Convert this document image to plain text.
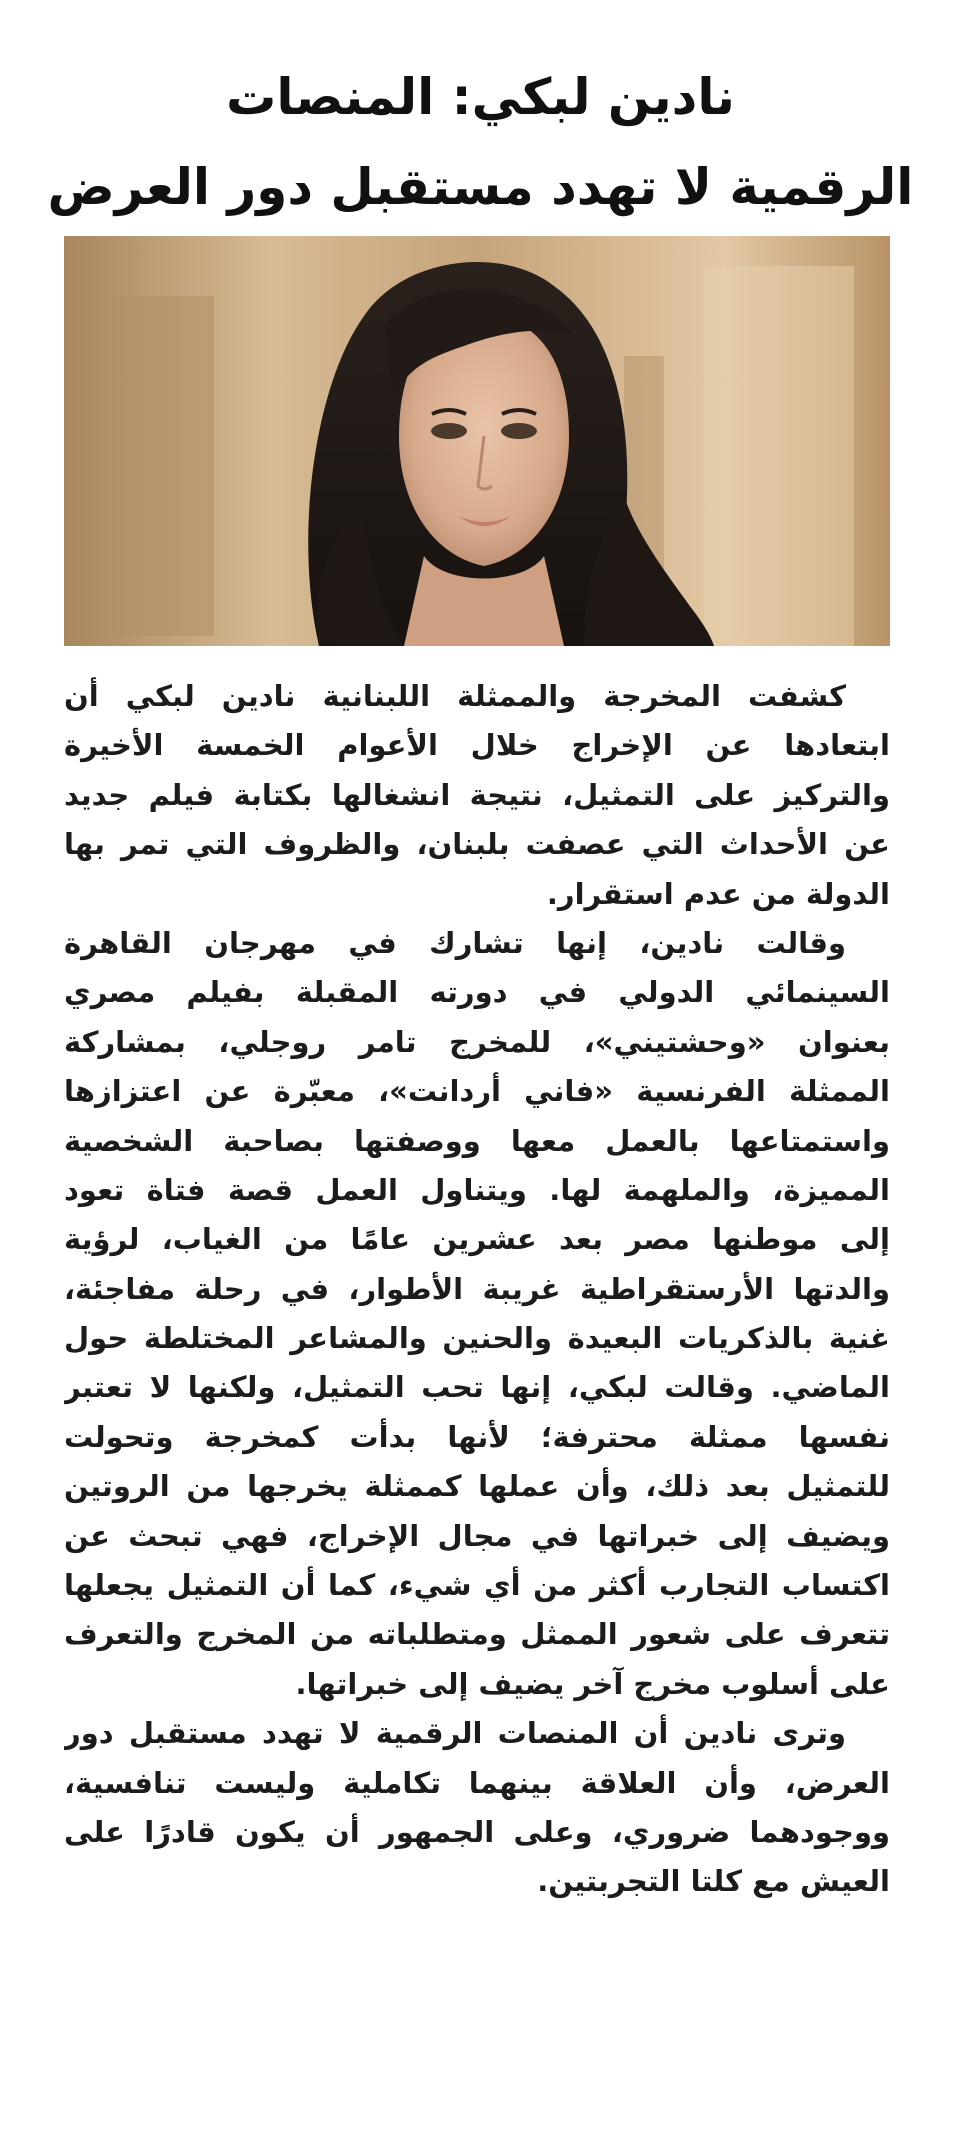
نادين لبكي: المنصات
الرقمية لا تهدد مستقبل دور العرض
كشفت المخرجة والممثلة اللبنانية نادين لبكي أن
ابتعادها عن الإخراج خلال الأعوام الخمسة الأخيرة
والتركيز على التمثيل، نتيجة انشغالها بكتابة فيلم جديد
عن الأحداث التي عصفت بلبنان، والظروف التي تمر بها
الدولة من عدم استقرار.
وقالت نادين، إنها تشارك في مهرجان القاهرة
السينمائي الدولي في دورته المقبلة بفيلم مصري
بعنوان «وحشتيني»، للمخرج تامر روجلي، بمشاركة
الممثلة الفرنسية «فاني أردانت»، معبّرة عن اعتزازها
واستمتاعها بالعمل معها ووصفتها بصاحبة الشخصية
المميزة، والملهمة لها. ويتناول العمل قصة فتاة تعود
إلى موطنها مصر بعد عشرين عامًا من الغياب، لرؤية
والدتها الأرستقراطية غريبة الأطوار، في رحلة مفاجئة،
غنية بالذكريات البعيدة والحنين والمشاعر المختلطة حول
الماضي. وقالت لبكي، إنها تحب التمثيل، ولكنها لا تعتبر
نفسها ممثلة محترفة؛ لأنها بدأت كمخرجة وتحولت
للتمثيل بعد ذلك، وأن عملها كممثلة يخرجها من الروتين
ويضيف إلى خبراتها في مجال الإخراج، فهي تبحث عن
اكتساب التجارب أكثر من أي شيء، كما أن التمثيل يجعلها
تتعرف على شعور الممثل ومتطلباته من المخرج والتعرف
على أسلوب مخرج آخر يضيف إلى خبراتها.
وترى نادين أن المنصات الرقمية لا تهدد مستقبل دور
العرض، وأن العلاقة بينهما تكاملية وليست تنافسية،
ووجودهما ضروري، وعلى الجمهور أن يكون قادرًا على
العيش مع كلتا التجربتين.
